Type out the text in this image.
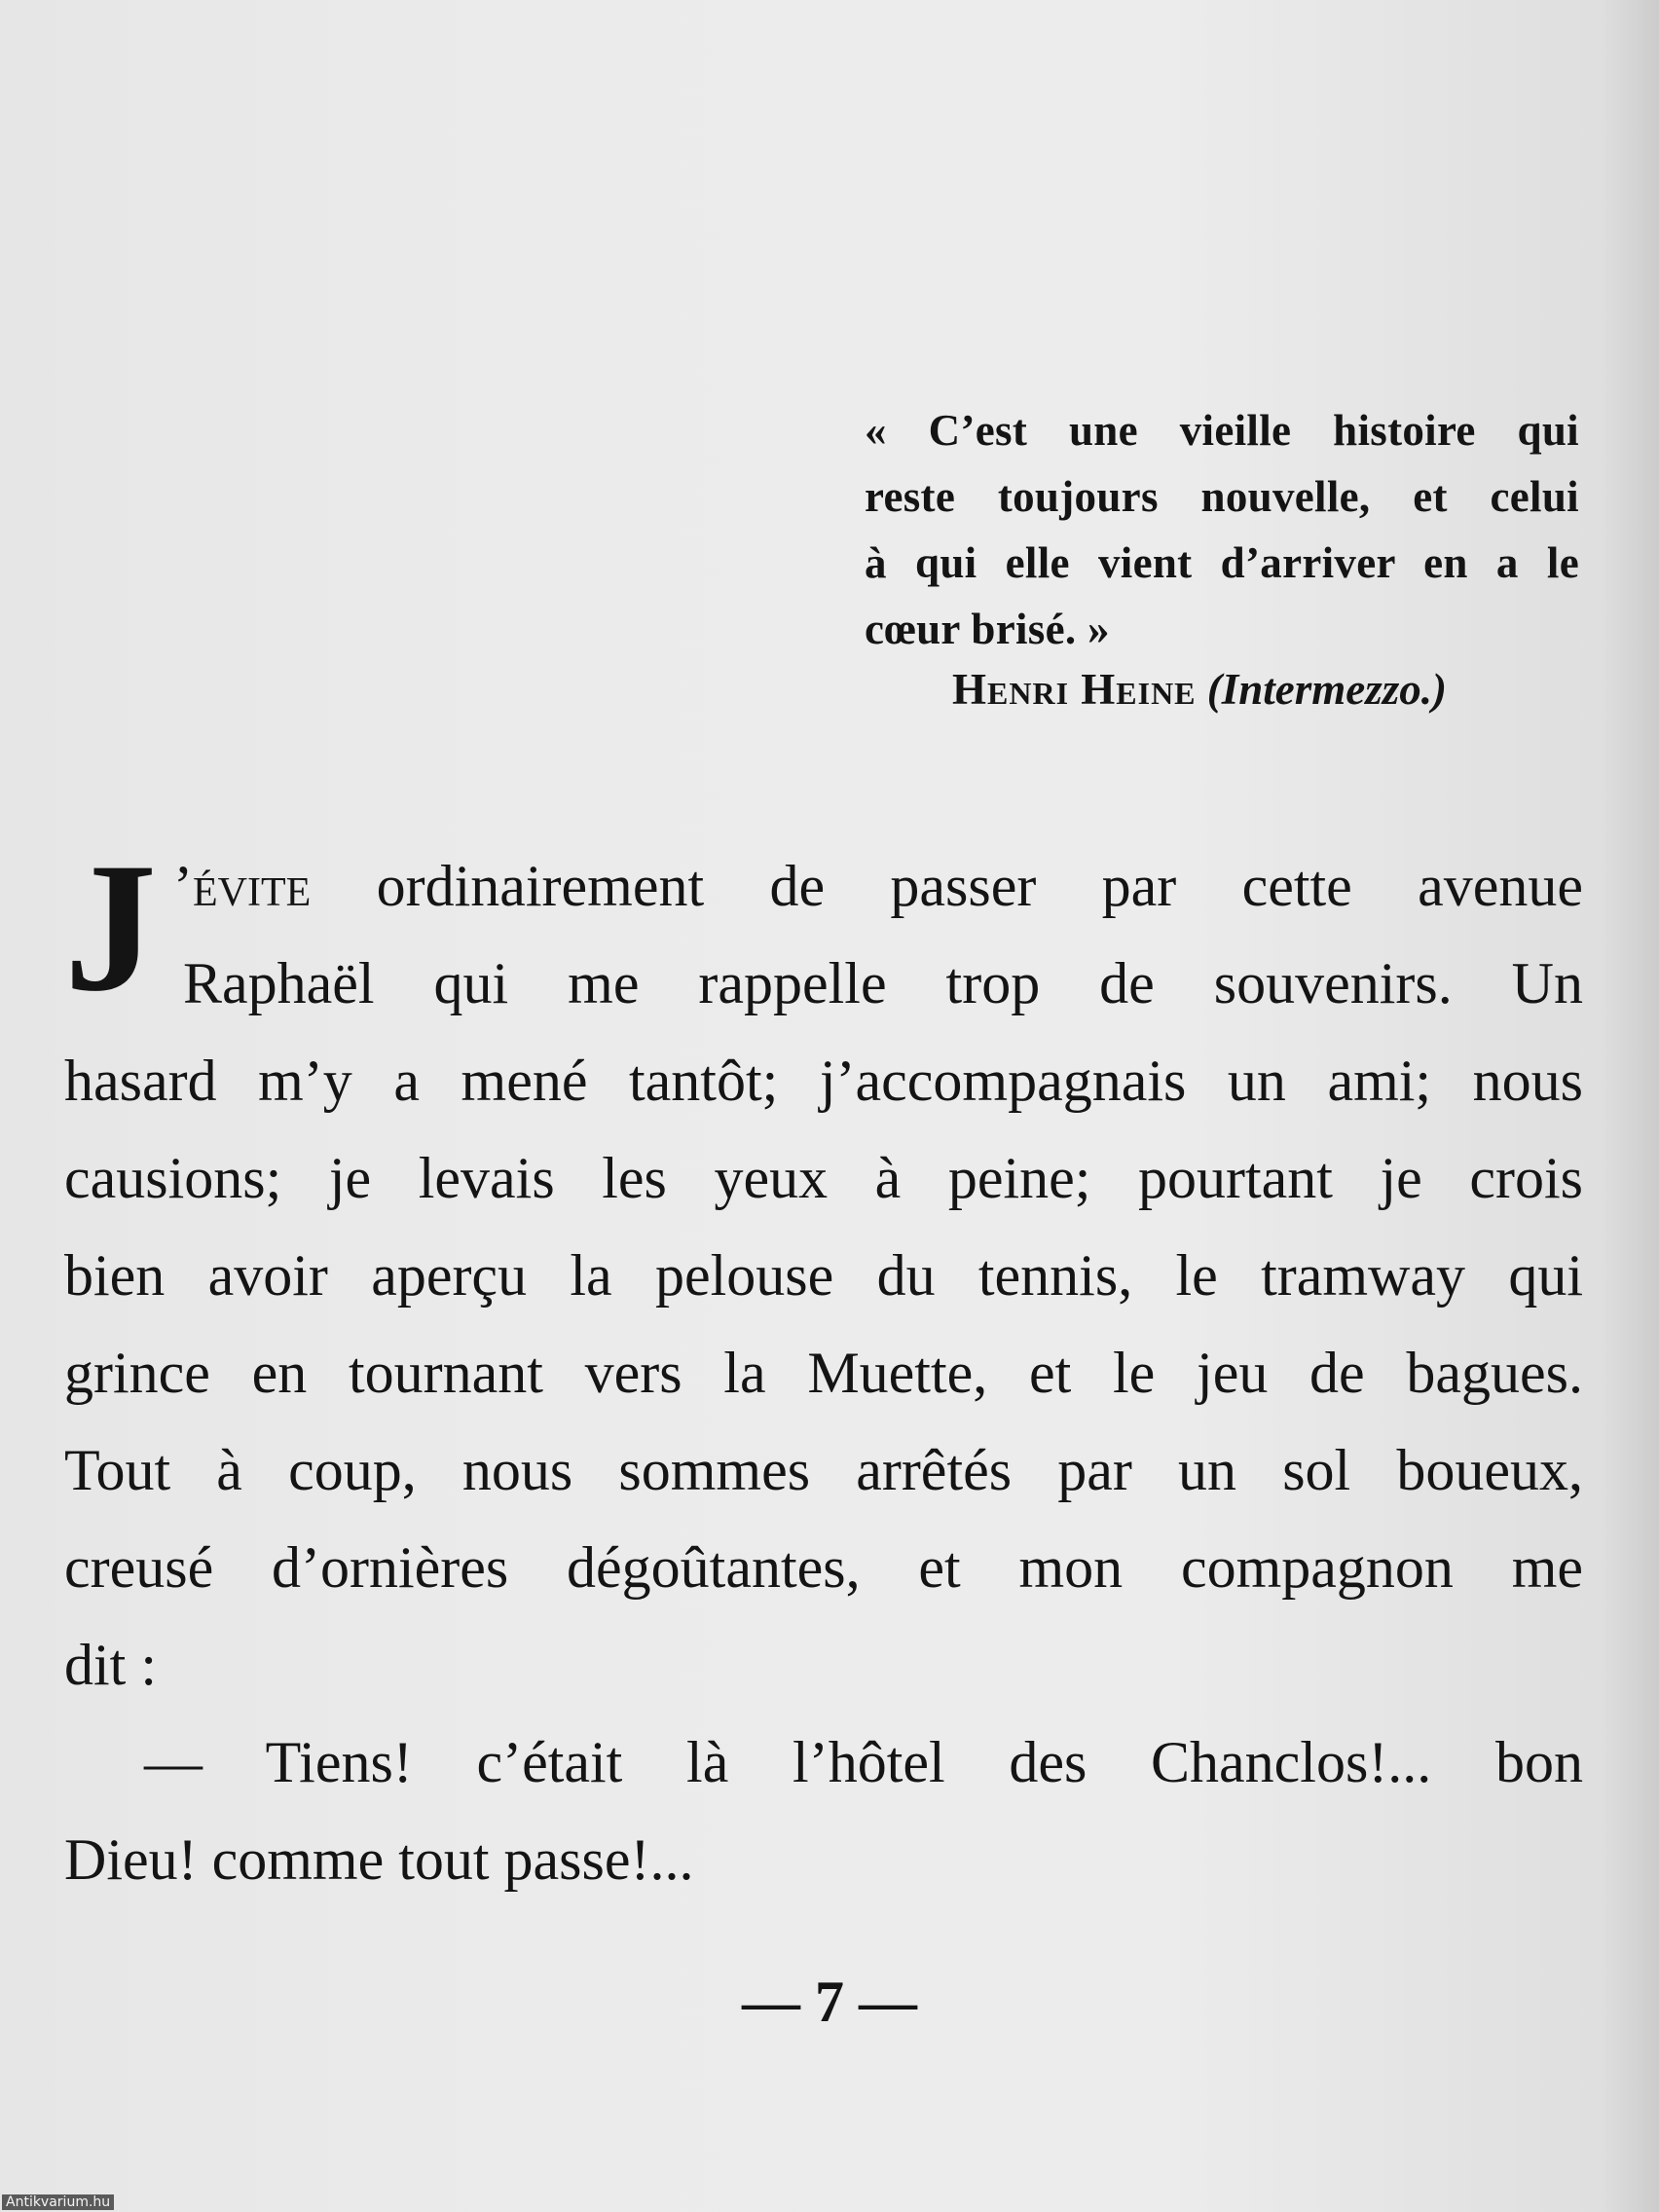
« C’est une vieille histoire qui
reste toujours nouvelle, et celui
à qui elle vient d’arriver en a le
cœur brisé. »
Henri Heine (Intermezzo.)
J ’évite ordinairement de passer par cette avenue
Raphaël qui me rappelle trop de souvenirs. Un
hasard m’y a mené tantôt; j’accompagnais un ami; nous
causions; je levais les yeux à peine; pourtant je crois
bien avoir aperçu la pelouse du tennis, le tramway qui
grince en tournant vers la Muette, et le jeu de bagues.
Tout à coup, nous sommes arrêtés par un sol boueux,
creusé d’ornières dégoûtantes, et mon compagnon me
dit :
— Tiens! c’était là l’hôtel des Chanclos!... bon
Dieu! comme tout passe!...
— 7 —
Antikvarium.hu
